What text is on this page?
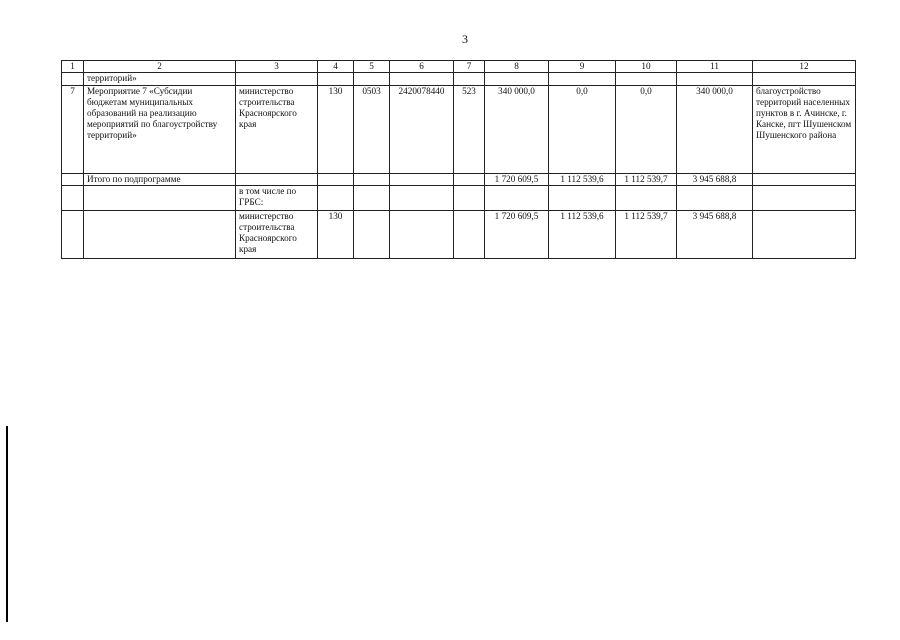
3
1	2	3	4	5	6	7	8	9	10	11	12
	территорий»										
7	Мероприятие 7 «Субсидии бюджетам муниципальных образований на реализацию мероприятий по благоустройству территорий»	министерство строительства Красноярского края	130	0503	2420078440	523	340 000,0	0,0	0,0	340 000,0	благоустройство территорий населенных пунктов в г. Ачинске, г. Канске, пгт Шушенском Шушенского района
	Итого по подпрограмме						1 720 609,5	1 112 539,6	1 112 539,7	3 945 688,8	
		в том числе по ГРБС:									
		министерство строительства Красноярского края	130				1 720 609,5	1 112 539,6	1 112 539,7	3 945 688,8	
